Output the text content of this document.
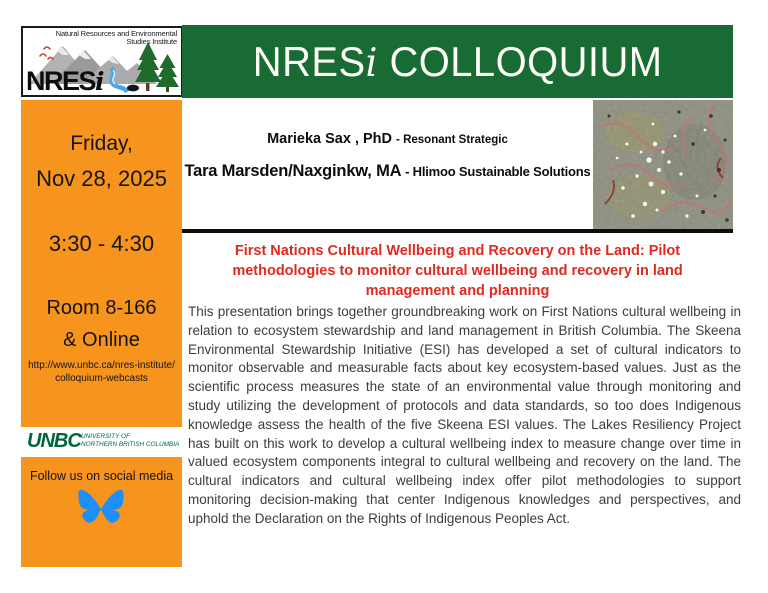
Natural Resources and Environmental
Studies Institute
NRESi	NRESi COLLOQUIUM
Friday,
Nov 28, 2025
3:30 - 4:30
Room 8-166
& Online
http://www.unbc.ca/nres-institute/
colloquium-webcasts
UNBC UNIVERSITY OF
NORTHERN BRITISH COLUMBIA
Follow us on social media
Marieka Sax , PhD - Resonant Strategic
Tara Marsden/Naxginkw, MA - Hlimoo Sustainable Solutions
First Nations Cultural Wellbeing and Recovery on the Land: Pilot methodologies to monitor cultural wellbeing and recovery in land management and planning
This presentation brings together groundbreaking work on First Nations cultural wellbeing in relation to ecosystem stewardship and land management in British Columbia. The Skeena Environmental Stewardship Initiative (ESI) has developed a set of cultural indicators to monitor observable and measurable facts about key ecosystem-based values. Just as the scientific process measures the state of an environmental value through monitoring and study utilizing the development of protocols and data standards, so too does Indigenous knowledge assess the health of the five Skeena ESI values. The Lakes Resiliency Project has built on this work to develop a cultural wellbeing index to measure change over time in valued ecosystem components integral to cultural wellbeing and recovery on the land. The cultural indicators and cultural wellbeing index offer pilot methodologies to support monitoring decision-making that center Indigenous knowledges and perspectives, and uphold the Declaration on the Rights of Indigenous Peoples Act.
